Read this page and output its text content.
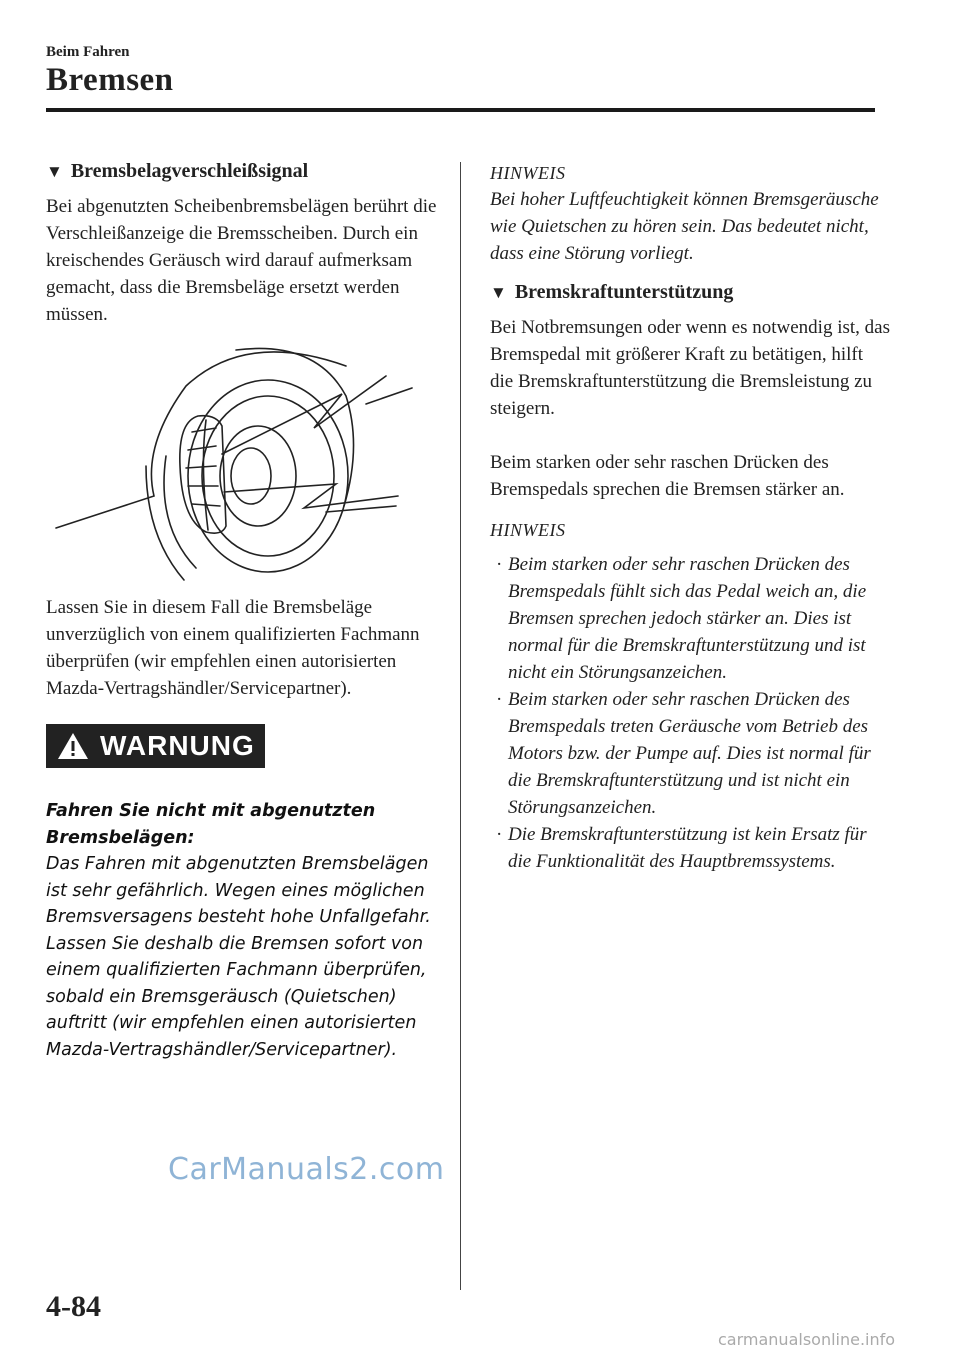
Beim Fahren
Bremsen
▼ Bremsbelagverschleißsignal

Bei abgenutzten Scheibenbremsbelägen berührt die Verschleißanzeige die Bremsscheiben. Durch ein kreischendes Geräusch wird darauf aufmerksam gemacht, dass die Bremsbeläge ersetzt werden müssen.

Lassen Sie in diesem Fall die Bremsbeläge unverzüglich von einem qualifizierten Fachmann überprüfen (wir empfehlen einen autorisierten Mazda-Vertragshändler/Servicepartner).

WARNUNG
Fahren Sie nicht mit abgenutzten Bremsbelägen:
Das Fahren mit abgenutzten Bremsbelägen ist sehr gefährlich. Wegen eines möglichen Bremsversagens besteht hohe Unfallgefahr. Lassen Sie deshalb die Bremsen sofort von einem qualifizierten Fachmann überprüfen, sobald ein Bremsgeräusch (Quietschen) auftritt (wir empfehlen einen autorisierten Mazda-Vertragshändler/Servicepartner).

HINWEIS

Bei hoher Luftfeuchtigkeit können Bremsgeräusche wie Quietschen zu hören sein. Das bedeutet nicht, dass eine Störung vorliegt.

▼ Bremskraftunterstützung

Bei Notbremsungen oder wenn es notwendig ist, das Bremspedal mit größerer Kraft zu betätigen, hilft die Bremskraftunterstützung die Bremsleistung zu steigern.

Beim starken oder sehr raschen Drücken des Bremspedals sprechen die Bremsen stärker an.

HINWEIS

· Beim starken oder sehr raschen Drücken des Bremspedals fühlt sich das Pedal weich an, die Bremsen sprechen jedoch stärker an. Dies ist normal für die Bremskraftunterstützung und ist nicht ein Störungsanzeichen.
· Beim starken oder sehr raschen Drücken des Bremspedals treten Geräusche vom Betrieb des Motors bzw. der Pumpe auf. Dies ist normal für die Bremskraftunterstützung und ist nicht ein Störungsanzeichen.
· Die Bremskraftunterstützung ist kein Ersatz für die Funktionalität des Hauptbremssystems.
CarManuals2.com
4-84
carmanualsonline.info
